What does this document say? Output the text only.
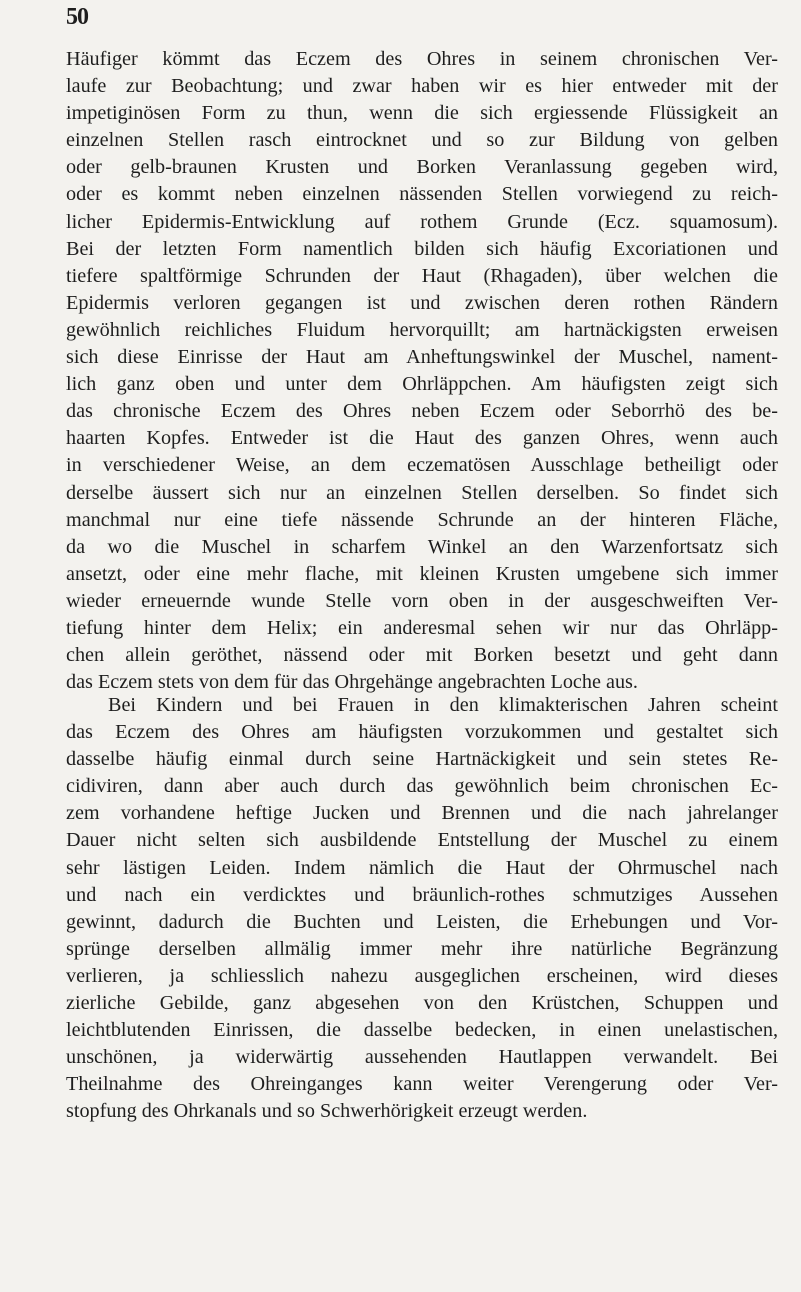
50
Häufiger kömmt das Eczem des Ohres in seinem chronischen Ver-
laufe zur Beobachtung; und zwar haben wir es hier entweder mit der
impetiginösen Form zu thun, wenn die sich ergiessende Flüssigkeit an
einzelnen Stellen rasch eintrocknet und so zur Bildung von gelben
oder gelb-braunen Krusten und Borken Veranlassung gegeben wird,
oder es kommt neben einzelnen nässenden Stellen vorwiegend zu reich-
licher Epidermis-Entwicklung auf rothem Grunde (Ecz. squamosum).
Bei der letzten Form namentlich bilden sich häufig Excoriationen und
tiefere spaltförmige Schrunden der Haut (Rhagaden), über welchen die
Epidermis verloren gegangen ist und zwischen deren rothen Rändern
gewöhnlich reichliches Fluidum hervorquillt; am hartnäckigsten erweisen
sich diese Einrisse der Haut am Anheftungswinkel der Muschel, nament-
lich ganz oben und unter dem Ohrläppchen. Am häufigsten zeigt sich
das chronische Eczem des Ohres neben Eczem oder Seborrhö des be-
haarten Kopfes. Entweder ist die Haut des ganzen Ohres, wenn auch
in verschiedener Weise, an dem eczematösen Ausschlage betheiligt oder
derselbe äussert sich nur an einzelnen Stellen derselben. So findet sich
manchmal nur eine tiefe nässende Schrunde an der hinteren Fläche,
da wo die Muschel in scharfem Winkel an den Warzenfortsatz sich
ansetzt, oder eine mehr flache, mit kleinen Krusten umgebene sich immer
wieder erneuernde wunde Stelle vorn oben in der ausgeschweiften Ver-
tiefung hinter dem Helix; ein anderesmal sehen wir nur das Ohrläpp-
chen allein geröthet, nässend oder mit Borken besetzt und geht dann
das Eczem stets von dem für das Ohrgehänge angebrachten Loche aus.
Bei Kindern und bei Frauen in den klimakterischen Jahren scheint
das Eczem des Ohres am häufigsten vorzukommen und gestaltet sich
dasselbe häufig einmal durch seine Hartnäckigkeit und sein stetes Re-
cidiviren, dann aber auch durch das gewöhnlich beim chronischen Ec-
zem vorhandene heftige Jucken und Brennen und die nach jahrelanger
Dauer nicht selten sich ausbildende Entstellung der Muschel zu einem
sehr lästigen Leiden. Indem nämlich die Haut der Ohrmuschel nach
und nach ein verdicktes und bräunlich-rothes schmutziges Aussehen
gewinnt, dadurch die Buchten und Leisten, die Erhebungen und Vor-
sprünge derselben allmälig immer mehr ihre natürliche Begränzung
verlieren, ja schliesslich nahezu ausgeglichen erscheinen, wird dieses
zierliche Gebilde, ganz abgesehen von den Krüstchen, Schuppen und
leichtblutenden Einrissen, die dasselbe bedecken, in einen unelastischen,
unschönen, ja widerwärtig aussehenden Hautlappen verwandelt. Bei
Theilnahme des Ohreinganges kann weiter Verengerung oder Ver-
stopfung des Ohrkanals und so Schwerhörigkeit erzeugt werden.
